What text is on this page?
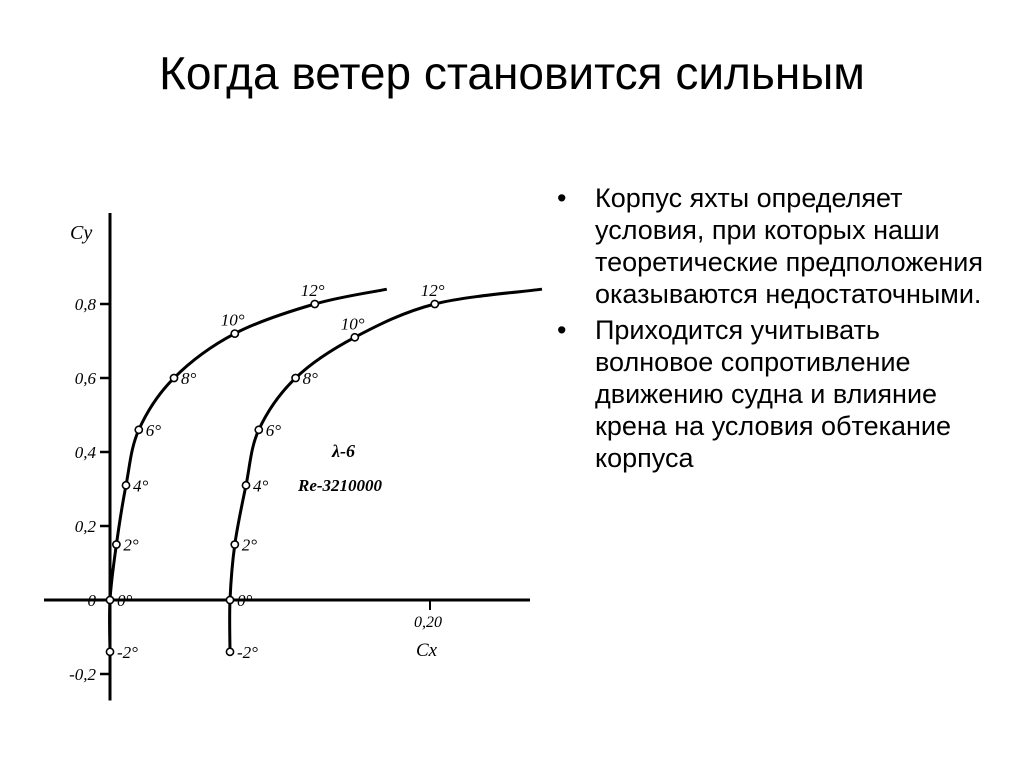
Когда ветер становится сильным
-0,2
0
0,2
0,4
0,6
0,8
0,20
Cy
Cx
-2°
0°
2°
4°
6°
8°
10°
12°
-2°
0°
2°
4°
6°
8°
10°
12°
λ-6
Re-3210000
• Корпус яхты определяет условия, при которых наши теоретические предположения оказываются недостаточными.
• Приходится учитывать волновое сопротивление движению судна и влияние крена на условия обтекание корпуса
